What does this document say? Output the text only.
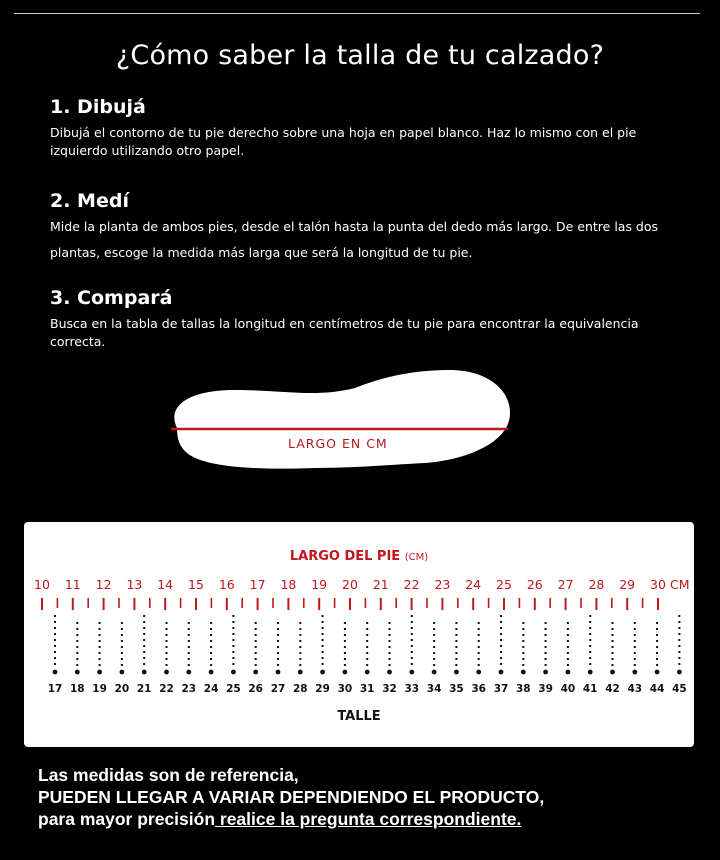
¿Cómo saber la talla de tu calzado?
1. Dibujá

Dibujá el contorno de tu pie derecho sobre una hoja en papel blanco. Haz lo mismo con el pie izquierdo utilizando otro papel.

2. Medí

Mide la planta de ambos pies, desde el talón hasta la punta del dedo más largo. De entre las dos plantas, escoge la medida más larga que será la longitud de tu pie.

3. Compará

Busca en la tabla de tallas la longitud en centímetros de tu pie para encontrar la equivalencia correcta.

LARGO EN CM
LARGO DEL PIE (CM)
10 11 12 13 14 15 16 17 18 19 20 21 22 23 24 25 26 27 28 29 30 CM
17 18 19 20 21 22 23 24 25 26 27 28 29 30 31 32 33 34 35 36 37 38 39 40 41 42 43 44 45
TALLE
Las medidas son de referencia,
PUEDEN LLEGAR A VARIAR DEPENDIENDO EL PRODUCTO,
para mayor precisión realice la pregunta correspondiente.
